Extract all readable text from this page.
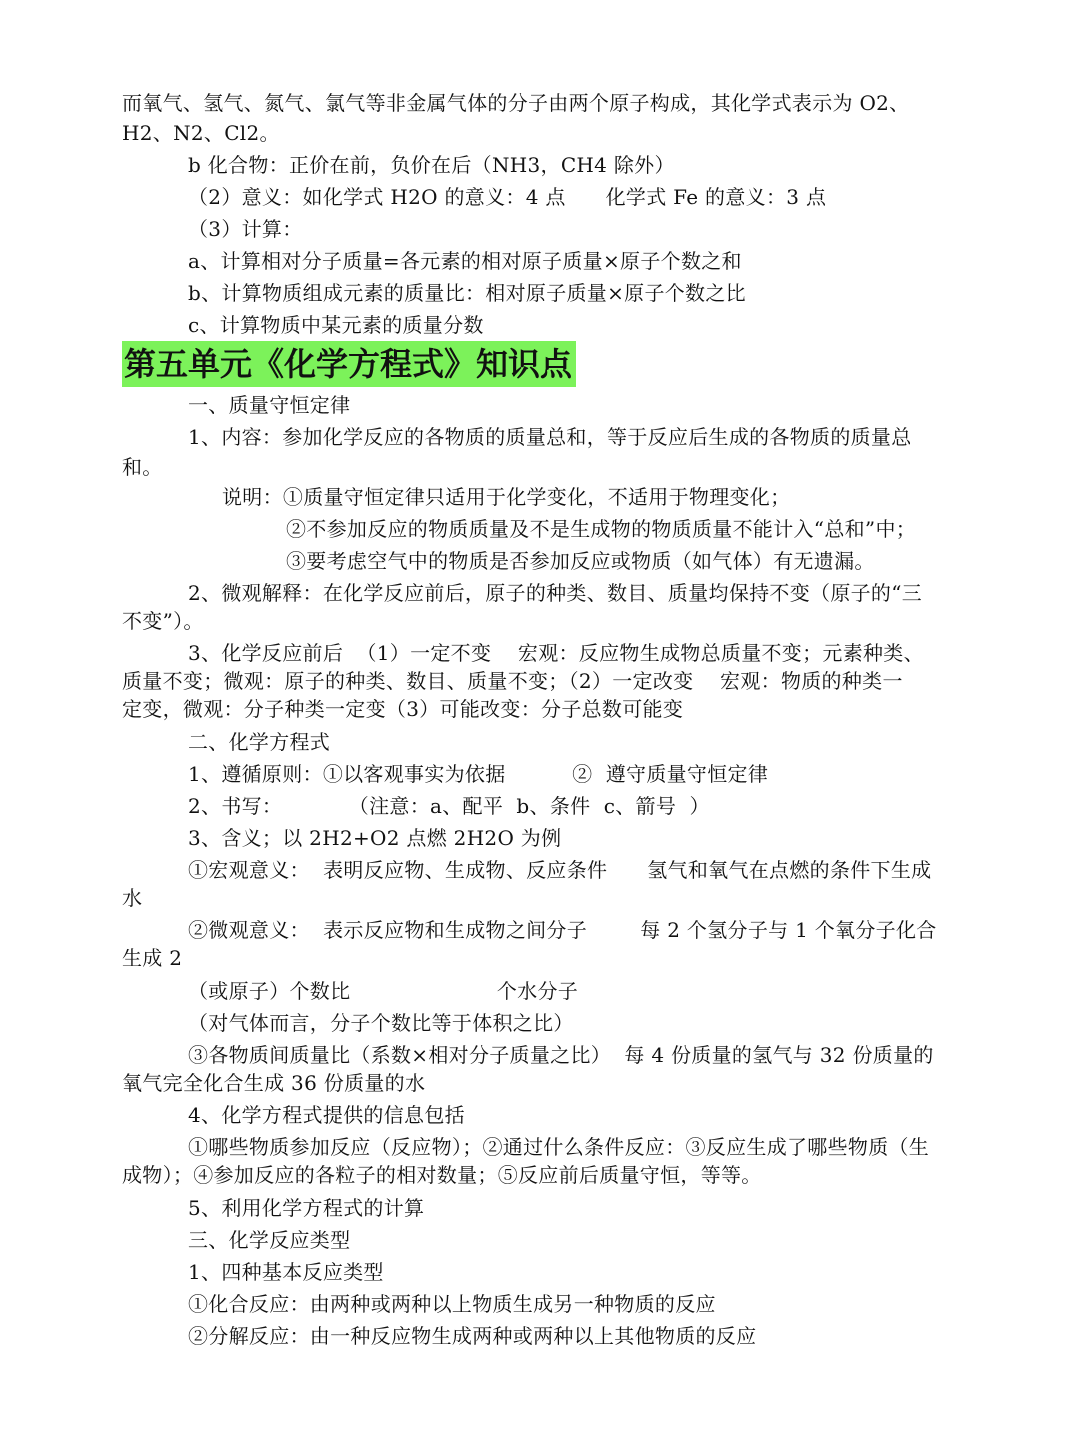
而氧气、氢气、氮气、氯气等非金属气体的分子由两个原子构成，其化学式表示为 O2、
H2、N2、Cl2。
b 化合物：正价在前，负价在后（NH3，CH4 除外）
（2）意义：如化学式 H2O 的意义：4 点      化学式 Fe 的意义：3 点
（3）计算：
a、计算相对分子质量=各元素的相对原子质量×原子个数之和
b、计算物质组成元素的质量比：相对原子质量×原子个数之比
c、计算物质中某元素的质量分数
第五单元《化学方程式》知识点
一、质量守恒定律
1、内容：参加化学反应的各物质的质量总和，等于反应后生成的各物质的质量总
和。
说明：①质量守恒定律只适用于化学变化，不适用于物理变化；
②不参加反应的物质质量及不是生成物的物质质量不能计入“总和”中；
③要考虑空气中的物质是否参加反应或物质（如气体）有无遗漏。
2、微观解释：在化学反应前后，原子的种类、数目、质量均保持不变（原子的“三
不变”）。
3、化学反应前后  （1）一定不变    宏观：反应物生成物总质量不变；元素种类、
质量不变；微观：原子的种类、数目、质量不变；（2）一定改变    宏观：物质的种类一
定变，微观：分子种类一定变（3）可能改变：分子总数可能变
二、化学方程式
1、遵循原则：①以客观事实为依据          ②  遵守质量守恒定律
2、书写：          （注意：a、配平  b、条件  c、箭号  ）
3、含义；以 2H2+O2 点燃 2H2O 为例
①宏观意义：  表明反应物、生成物、反应条件      氢气和氧气在点燃的条件下生成
水
②微观意义：  表示反应物和生成物之间分子        每 2 个氢分子与 1 个氧分子化合
生成 2
（或原子）个数比                      个水分子
（对气体而言，分子个数比等于体积之比）
③各物质间质量比（系数×相对分子质量之比）  每 4 份质量的氢气与 32 份质量的
氧气完全化合生成 36 份质量的水
4、化学方程式提供的信息包括
①哪些物质参加反应（反应物）；②通过什么条件反应：③反应生成了哪些物质（生
成物）；④参加反应的各粒子的相对数量；⑤反应前后质量守恒，等等。
5、利用化学方程式的计算
三、化学反应类型
1、四种基本反应类型
①化合反应：由两种或两种以上物质生成另一种物质的反应
②分解反应：由一种反应物生成两种或两种以上其他物质的反应
